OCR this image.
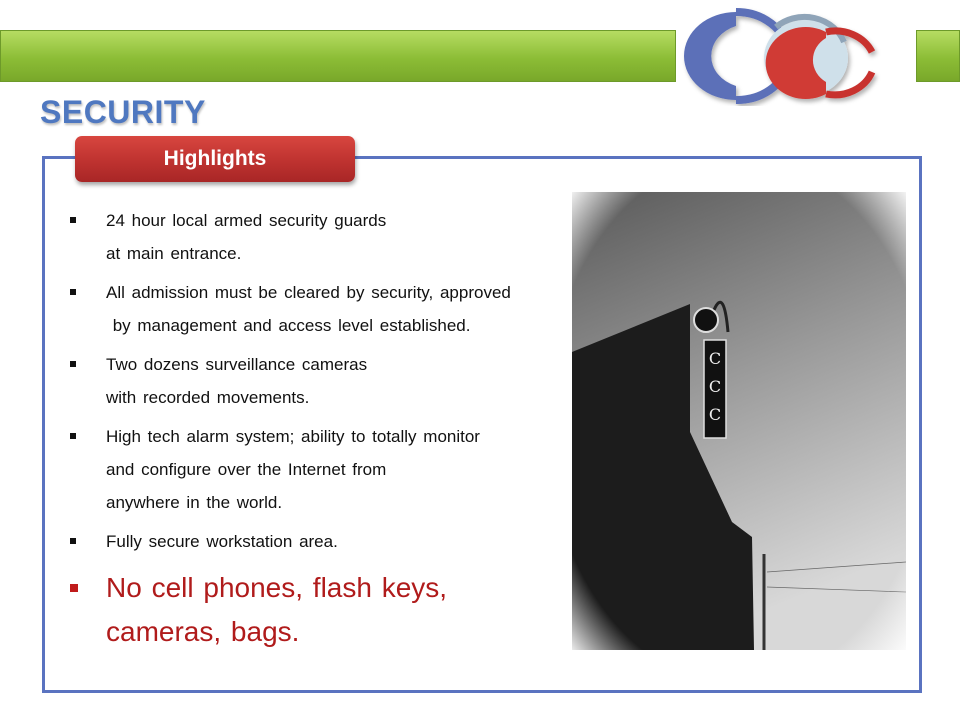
SECURITY
Highlights
24 hour local armed security guards
at main entrance.
All admission must be cleared by security, approved
by management and access level established.
Two dozens surveillance cameras
with recorded movements.
High tech alarm system; ability to totally monitor
and configure over the Internet from
anywhere in the world.
Fully secure workstation area.
No cell phones, flash keys,
cameras, bags.
C
C
C
